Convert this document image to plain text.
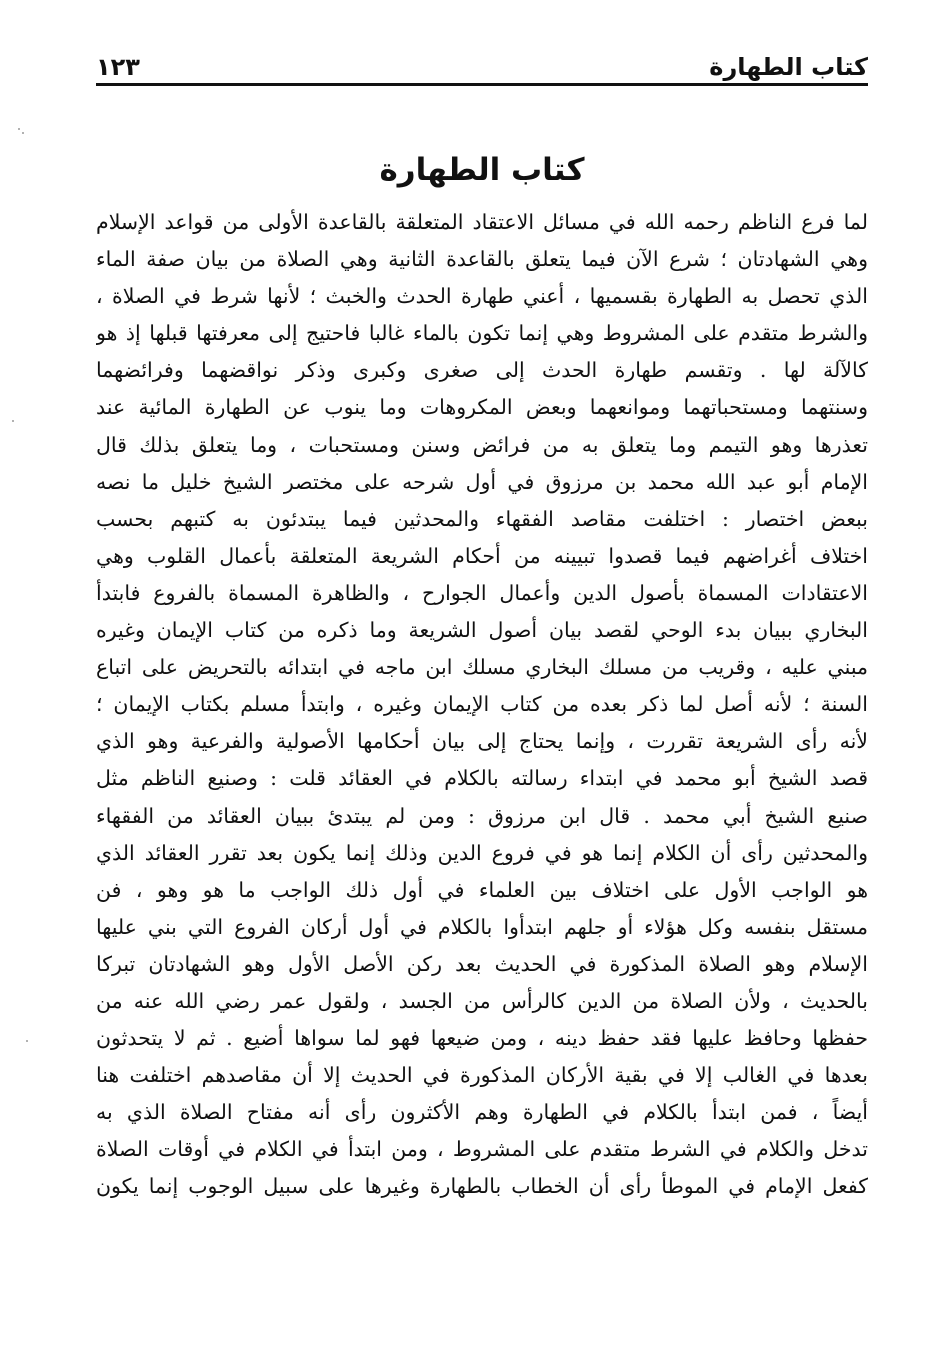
كتاب الطهارة
١٢٣
كتاب الطهارة
لما فرع الناظم رحمه الله في مسائل الاعتقاد المتعلقة بالقاعدة الأولى من قواعد الإسلام
وهي الشهادتان ؛ شرع الآن فيما يتعلق بالقاعدة الثانية وهي الصلاة من بيان صفة الماء
الذي تحصل به الطهارة بقسميها ، أعني طهارة الحدث والخبث ؛ لأنها شرط في الصلاة ،
والشرط متقدم على المشروط وهي إنما تكون بالماء غالبا فاحتيج إلى معرفتها قبلها إذ هو
كالآلة لها . وتقسم طهارة الحدث إلى صغرى وكبرى وذكر نواقضهما وفرائضهما
وسنتهما ومستحباتهما وموانعهما وبعض المكروهات وما ينوب عن الطهارة المائية عند
تعذرها وهو التيمم وما يتعلق به من فرائض وسنن ومستحبات ، وما يتعلق بذلك قال
الإمام أبو عبد الله محمد بن مرزوق في أول شرحه على مختصر الشيخ خليل ما نصه
ببعض اختصار : اختلفت مقاصد الفقهاء والمحدثين فيما يبتدئون به كتبهم بحسب
اختلاف أغراضهم فيما قصدوا تبيينه من أحكام الشريعة المتعلقة بأعمال القلوب وهي
الاعتقادات المسماة بأصول الدين وأعمال الجوارح ، والظاهرة المسماة بالفروع فابتدأ
البخاري ببيان بدء الوحي لقصد بيان أصول الشريعة وما ذكره من كتاب الإيمان وغيره
مبني عليه ، وقريب من مسلك البخاري مسلك ابن ماجه في ابتدائه بالتحريض على اتباع
السنة ؛ لأنه أصل لما ذكر بعده من كتاب الإيمان وغيره ، وابتدأ مسلم بكتاب الإيمان ؛
لأنه رأى الشريعة تقررت ، وإنما يحتاج إلى بيان أحكامها الأصولية والفرعية وهو الذي
قصد الشيخ أبو محمد في ابتداء رسالته بالكلام في العقائد قلت : وصنيع الناظم مثل
صنيع الشيخ أبي محمد . قال ابن مرزوق : ومن لم يبتدئ ببيان العقائد من الفقهاء
والمحدثين رأى أن الكلام إنما هو في فروع الدين وذلك إنما يكون بعد تقرر العقائد الذي
هو الواجب الأول على اختلاف بين العلماء في أول ذلك الواجب ما هو وهو ، فن
مستقل بنفسه وكل هؤلاء أو جلهم ابتدأوا بالكلام في أول أركان الفروع التي بني عليها
الإسلام وهو الصلاة المذكورة في الحديث بعد ركن الأصل الأول وهو الشهادتان تبركا
بالحديث ، ولأن الصلاة من الدين كالرأس من الجسد ، ولقول عمر رضي الله عنه من
حفظها وحافظ عليها فقد حفظ دينه ، ومن ضيعها فهو لما سواها أضيع . ثم لا يتحدثون
بعدها في الغالب إلا في بقية الأركان المذكورة في الحديث إلا أن مقاصدهم اختلفت هنا
أيضاً ، فمن ابتدأ بالكلام في الطهارة وهم الأكثرون رأى أنه مفتاح الصلاة الذي به
تدخل والكلام في الشرط متقدم على المشروط ، ومن ابتدأ في الكلام في أوقات الصلاة
كفعل الإمام في الموطأ رأى أن الخطاب بالطهارة وغيرها على سبيل الوجوب إنما يكون
